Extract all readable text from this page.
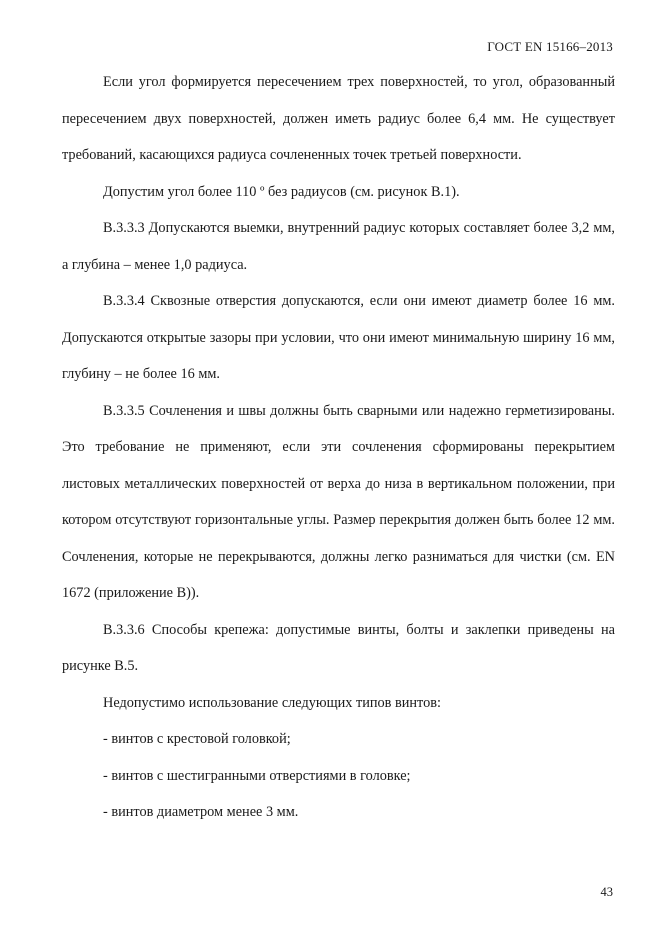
ГОСТ EN 15166–2013

Если угол формируется пересечением трех поверхностей, то угол, образованный пересечением двух поверхностей, должен иметь радиус более 6,4 мм. Не существует требований, касающихся радиуса сочлененных точек третьей поверхности.

Допустим угол более 110 º без радиусов (см. рисунок В.1).

В.3.3.3 Допускаются выемки, внутренний радиус которых составляет более 3,2 мм, а глубина – менее 1,0 радиуса.

В.3.3.4 Сквозные отверстия допускаются, если они имеют диаметр более 16 мм. Допускаются открытые зазоры при условии, что они имеют минимальную ширину 16 мм, глубину – не более 16 мм.

В.3.3.5 Сочленения и швы должны быть сварными или надежно герметизированы. Это требование не применяют, если эти сочленения сформированы перекрытием листовых металлических поверхностей от верха до низа в вертикальном положении, при котором отсутствуют горизонтальные углы. Размер перекрытия должен быть более 12 мм. Сочленения, которые не перекрываются, должны легко разниматься для чистки (см. EN 1672 (приложение В)).

В.3.3.6 Способы крепежа: допустимые винты, болты и заклепки приведены на рисунке В.5.

Недопустимо использование следующих типов винтов:

- винтов с крестовой головкой;

- винтов с шестигранными отверстиями в головке;

- винтов диаметром менее 3 мм.

43
